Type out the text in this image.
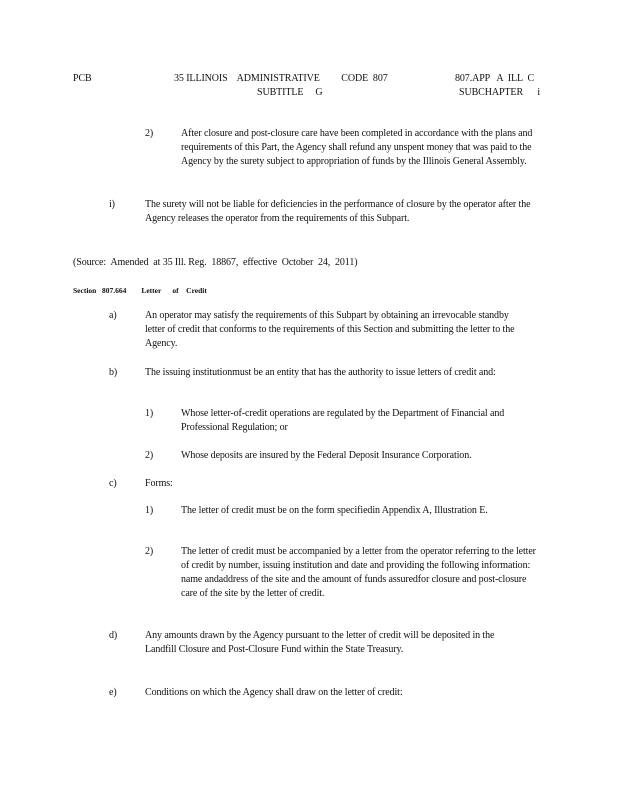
PCB	35 ILLINOIS    ADMINISTRATIVE         CODE  807	807.APP   A  ILL  C
SUBTITLE     G	SUBCHAPTER      i
2)	After closure and post-closure care have been completed in accordance with the plans and requirements of this Part, the Agency shall refund any unspent money that was paid to the Agency by the surety subject to appropriation of funds by the Illinois General Assembly.
i)	The surety will not be liable for deficiencies in the performance of closure by the operator after the Agency releases the operator from the requirements of this Subpart.
(Source:  Amended  at 35 Ill. Reg.  18867,  effective  October  24,  2011)
Section   807.664        Letter      of    Credit
a)	An operator may satisfy the requirements of this Subpart by obtaining an irrevocable standby letter of credit that conforms to the requirements of this Section and submitting the letter to the Agency.
b)	The issuing institutionmust be an entity that has the authority to issue letters of credit and:
1)	Whose letter-of-credit operations are regulated by the Department of Financial and Professional Regulation; or
2)	Whose deposits are insured by the Federal Deposit Insurance Corporation.
c)	Forms:
1)	The letter of credit must be on the form specifiedin Appendix A, Illustration E.
2)	The letter of credit must be accompanied by a letter from the operator referring to the letter of credit by number, issuing institution and date and providing the following information: name andaddress of the site and the amount of funds assuredfor closure and post-closure care of the site by the letter of credit.
d)	Any amounts drawn by the Agency pursuant to the letter of credit will be deposited in the Landfill Closure and Post-Closure Fund within the State Treasury.
e)	Conditions on which the Agency shall draw on the letter of credit:
